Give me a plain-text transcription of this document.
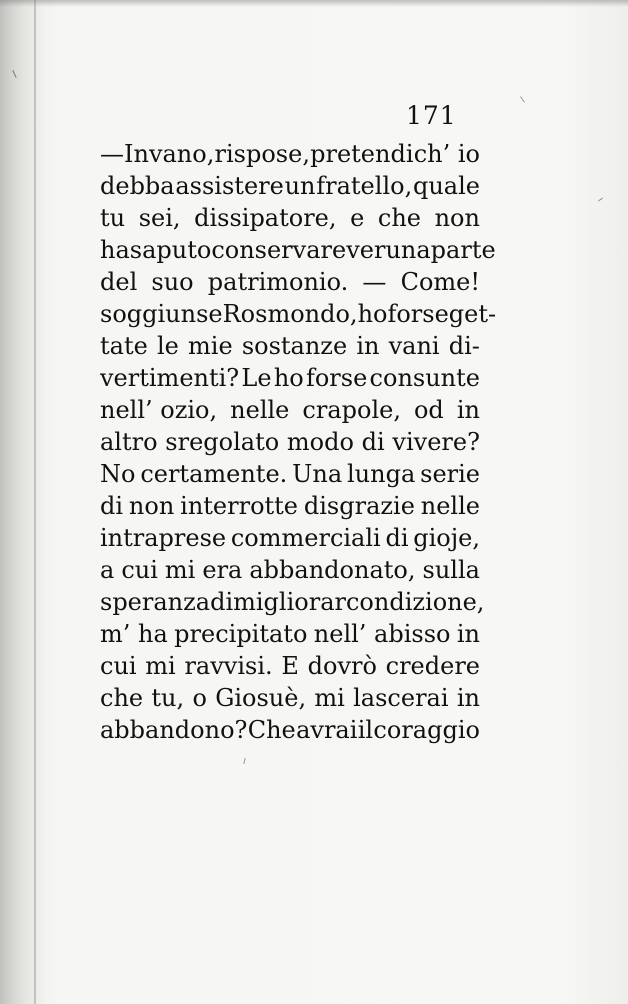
171
—Invano, rispose, pretendi ch’ io
debba assistere un fratello, quale
tu sei, dissipatore, e che non
ha saputo conservare veruna parte
del suo patrimonio. — Come!
soggiunse Rosmondo, ho forse get-
tate le mie sostanze in vani di-
vertimenti? Le ho forse consunte
nell’ ozio, nelle crapole, od in
altro sregolato modo di vivere?
No certamente. Una lunga serie
di non interrotte disgrazie nelle
intraprese commerciali di gioje,
a cui mi era abbandonato, sulla
speranza di migliorar condizione,
m’ ha precipitato nell’ abisso in
cui mi ravvisi. E dovrò credere
che tu, o Giosuè, mi lascerai in
abbandono? Che avrai il coraggio
